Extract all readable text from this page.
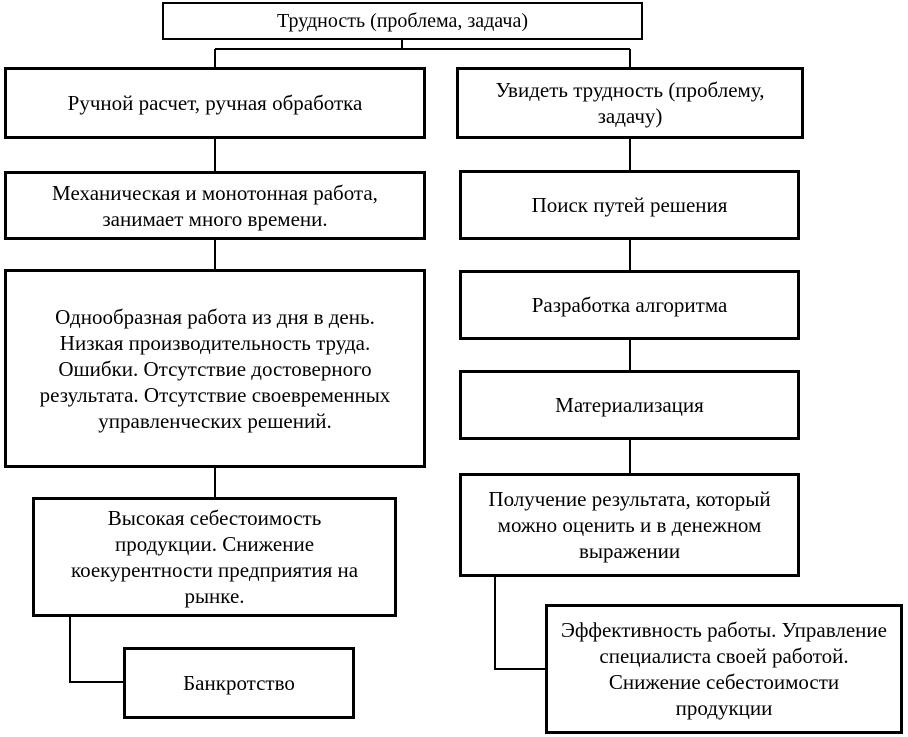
Трудность (проблема, задача)
Ручной расчет, ручная обработка
Механическая и монотонная работа, занимает много времени.
Однообразная работа из дня в день. Низкая производительность труда. Ошибки. Отсутствие достоверного результата. Отсутствие своевременных управленческих решений.
Высокая себестоимость продукции. Снижение коекурентности предприятия на рынке.
Банкротство
Увидеть трудность (проблему, задачу)
Поиск путей решения
Разработка алгоритма
Материализация
Получение результата, который можно оценить и в денежном выражении
Эффективность работы. Управление специалиста своей работой. Снижение себестоимости продукции
